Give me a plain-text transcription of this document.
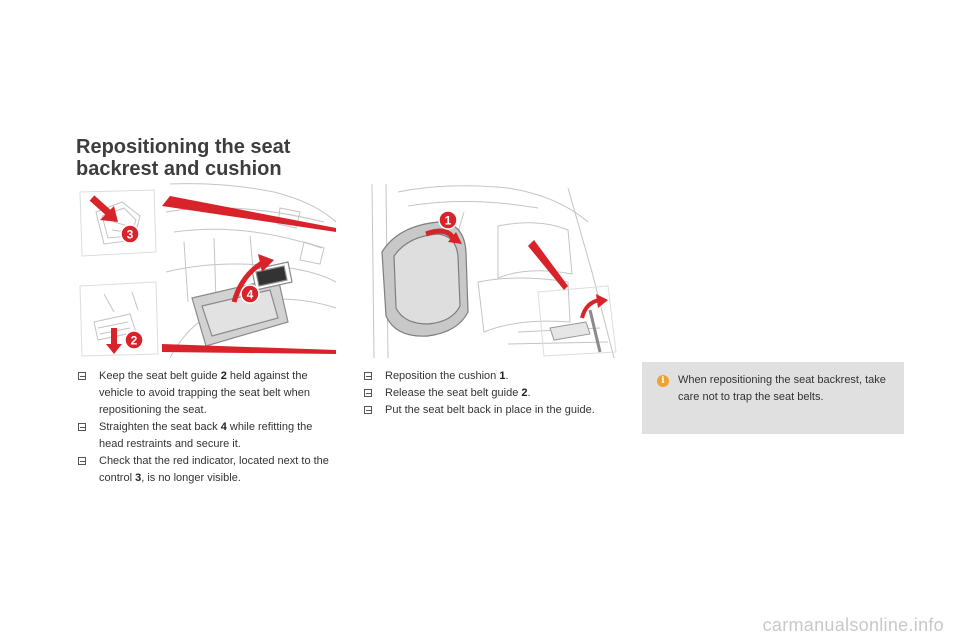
Repositioning the seat
backrest and cushion
3
4
2
1
Keep the seat belt guide 2 held against the vehicle to avoid trapping the seat belt when repositioning the seat.
Straighten the seat back 4 while refitting the head restraints and secure it.
Check that the red indicator, located next to the control 3, is no longer visible.
Reposition the cushion 1.
Release the seat belt guide 2.
Put the seat belt back in place in the guide.
i	When repositioning the seat backrest, take care not to trap the seat belts.
carmanualsonline.info
